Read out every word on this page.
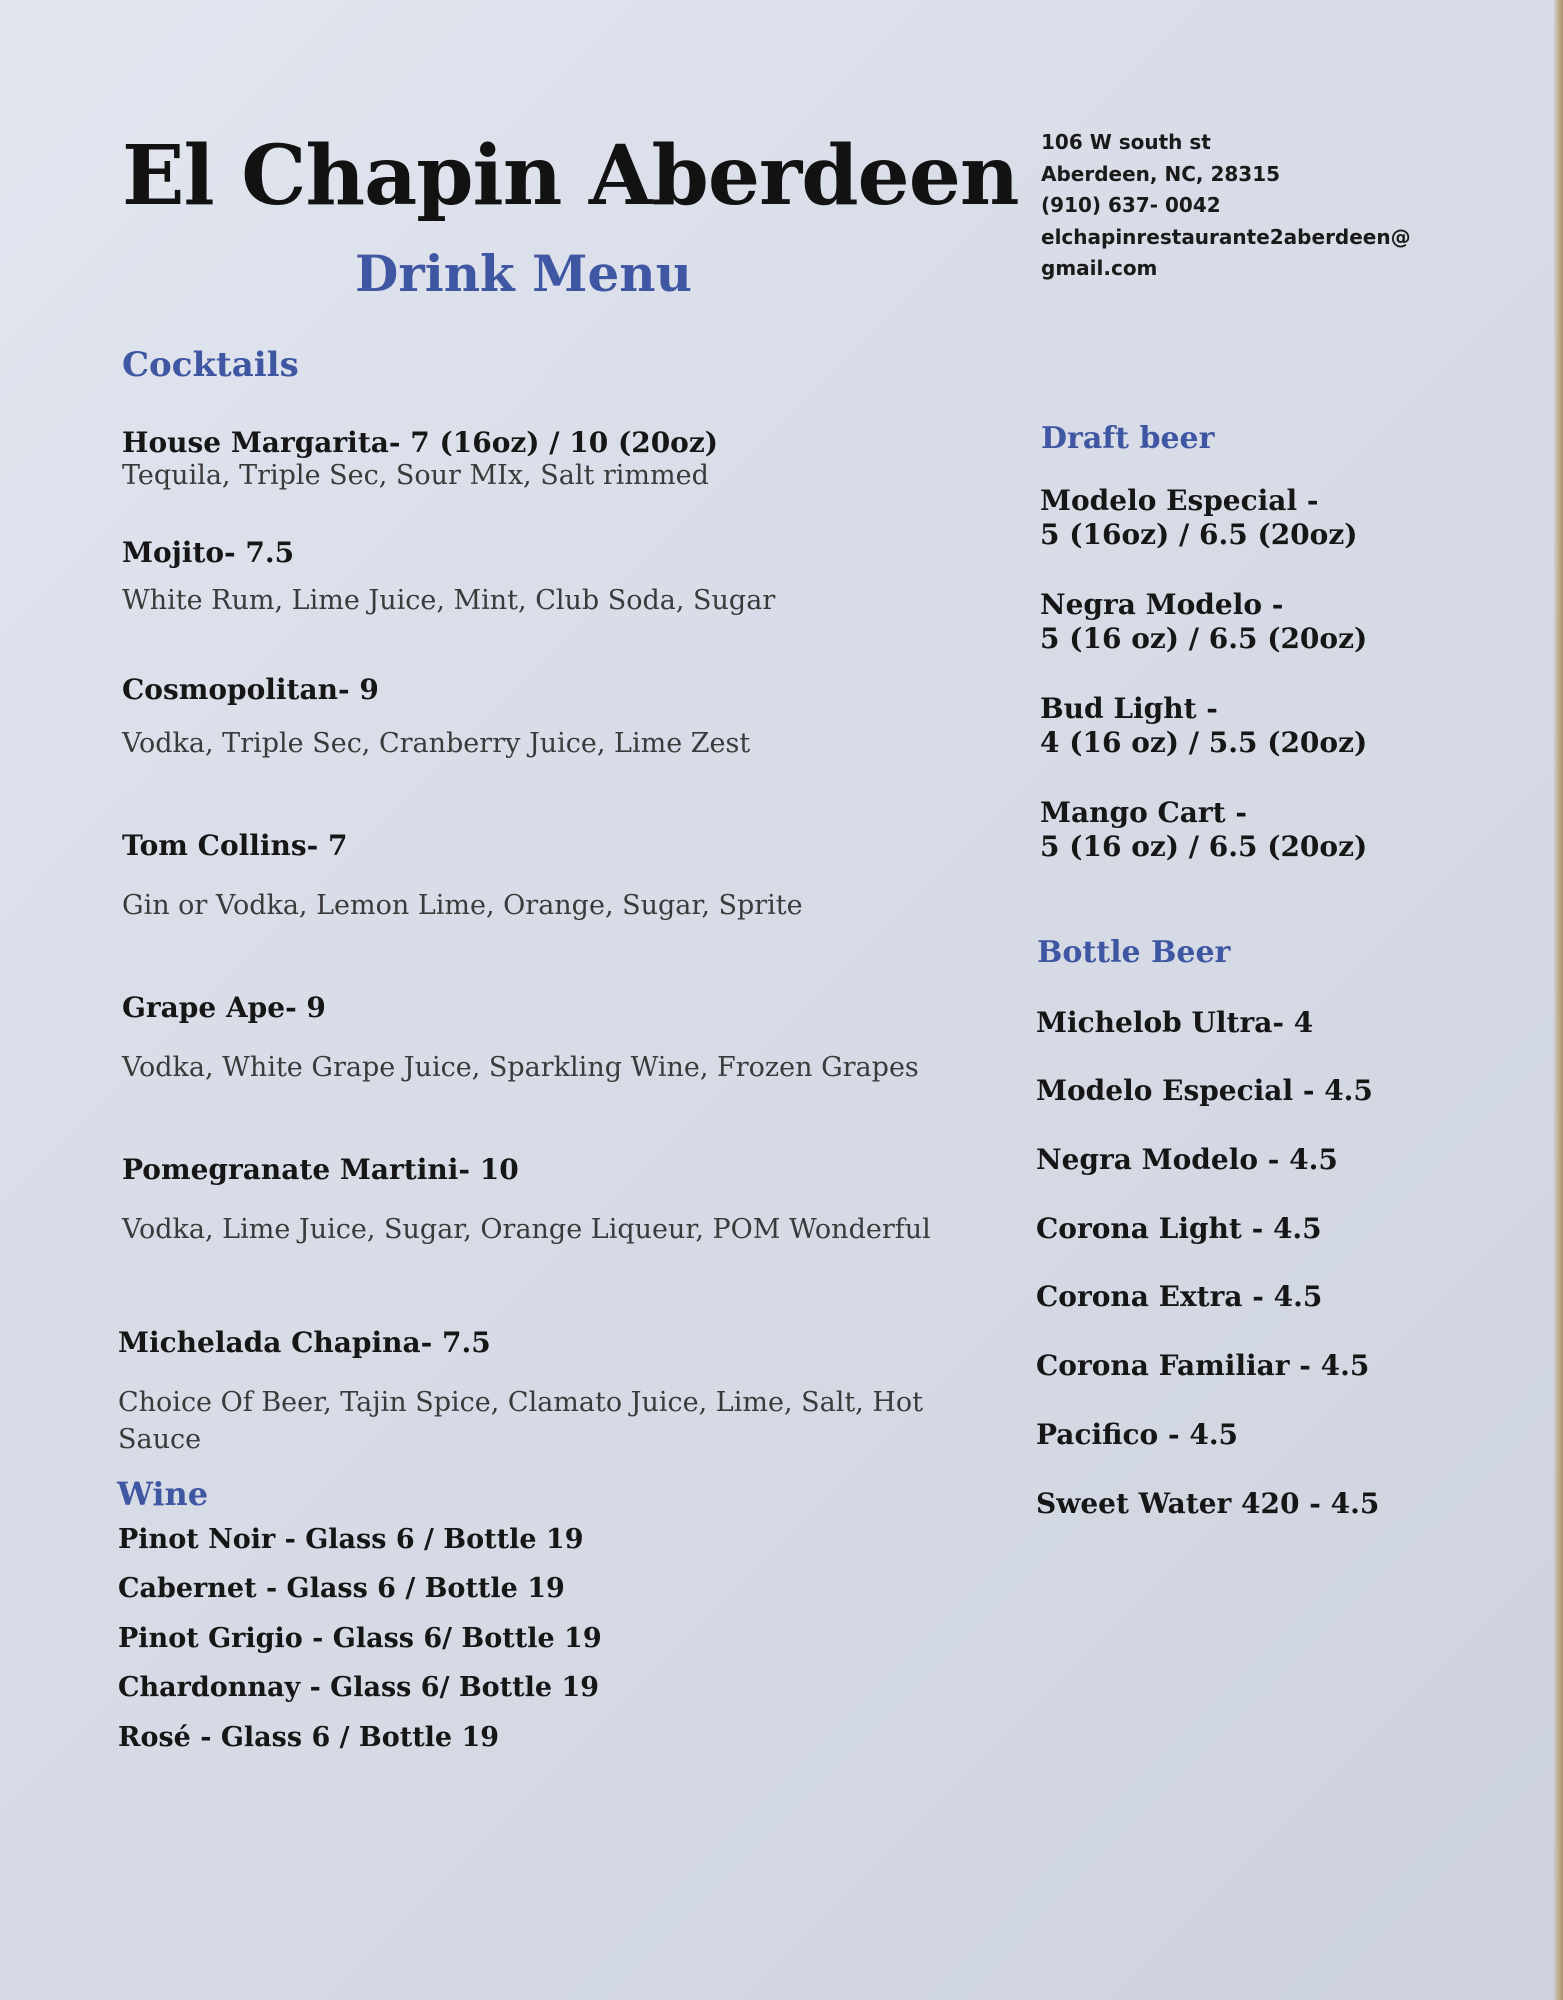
El Chapin Aberdeen
Drink Menu
106 W south st
Aberdeen, NC, 28315
(910) 637- 0042
elchapinrestaurante2aberdeen@
gmail.com
Cocktails
House Margarita- 7 (16oz) / 10 (20oz)
Tequila, Triple Sec, Sour MIx, Salt rimmed
Mojito- 7.5
White Rum, Lime Juice, Mint, Club Soda, Sugar
Cosmopolitan- 9
Vodka, Triple Sec, Cranberry Juice, Lime Zest
Tom Collins- 7
Gin or Vodka, Lemon Lime, Orange, Sugar, Sprite
Grape Ape- 9
Vodka, White Grape Juice, Sparkling Wine, Frozen Grapes
Pomegranate Martini- 10
Vodka, Lime Juice, Sugar, Orange Liqueur, POM Wonderful
Michelada Chapina- 7.5
Choice Of Beer, Tajin Spice, Clamato Juice, Lime, Salt, Hot
Sauce
Wine
Pinot Noir - Glass 6 / Bottle 19
Cabernet - Glass 6 / Bottle 19
Pinot Grigio - Glass 6/ Bottle 19
Chardonnay - Glass 6/ Bottle 19
Rosé - Glass 6 / Bottle 19
Draft beer
Modelo Especial -
5 (16oz) / 6.5 (20oz)
Negra Modelo -
5 (16 oz) / 6.5 (20oz)
Bud Light -
4 (16 oz) / 5.5 (20oz)
Mango Cart -
5 (16 oz) / 6.5 (20oz)
Bottle Beer
Michelob Ultra- 4
Modelo Especial - 4.5
Negra Modelo - 4.5
Corona Light - 4.5
Corona Extra - 4.5
Corona Familiar - 4.5
Pacifico - 4.5
Sweet Water 420 - 4.5
